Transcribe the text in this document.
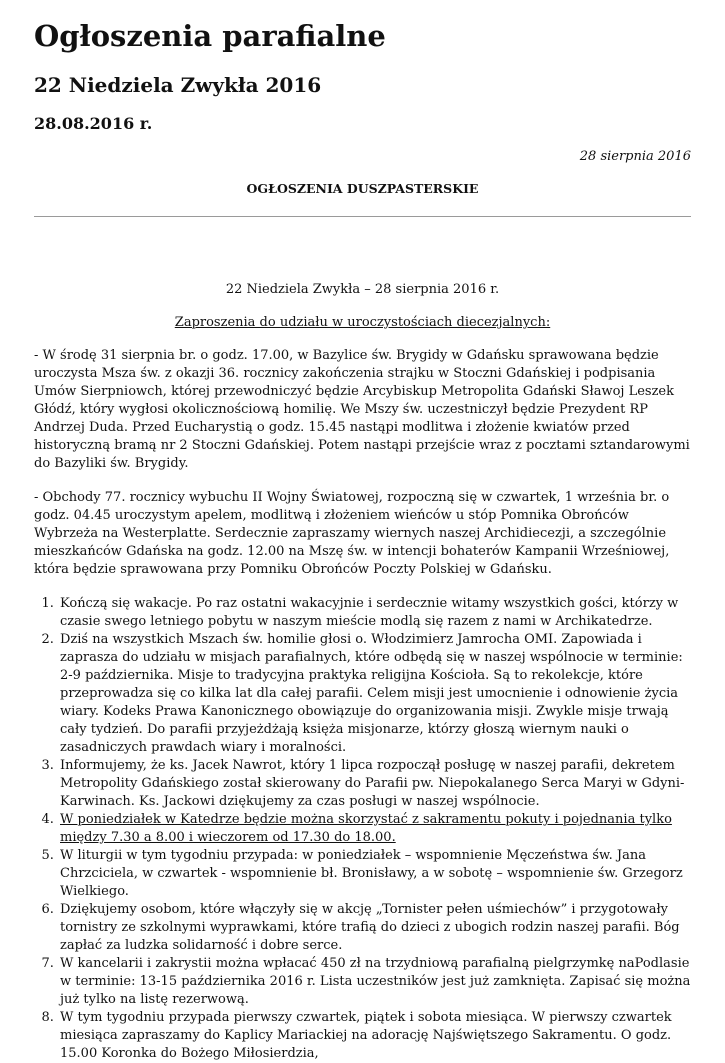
Ogłoszenia parafialne
22 Niedziela Zwykła 2016
28.08.2016 r.
28 sierpnia 2016
OGŁOSZENIA DUSZPASTERSKIE

22 Niedziela Zwykła – 28 sierpnia 2016 r.

Zaproszenia do udziału w uroczystościach diecezjalnych:

- W środę 31 sierpnia br. o godz. 17.00, w Bazylice św. Brygidy w Gdańsku sprawowana będzie uroczysta Msza św. z okazji 36. rocznicy zakończenia strajku w Stoczni Gdańskiej i podpisania Umów Sierpniowch, której przewodniczyć będzie Arcybiskup Metropolita Gdański Sławoj Leszek Głódź, który wygłosi okolicznościową homilię. We Mszy św. uczestniczył będzie Prezydent RP Andrzej Duda. Przed Eucharystią o godz. 15.45 nastąpi modlitwa i złożenie kwiatów przed historyczną bramą nr 2 Stoczni Gdańskiej. Potem nastąpi przejście wraz z pocztami sztandarowymi do Bazyliki św. Brygidy.

- Obchody 77. rocznicy wybuchu II Wojny Światowej, rozpoczną się w czwartek, 1 września br. o godz. 04.45 uroczystym apelem, modlitwą i złożeniem wieńców u stóp Pomnika Obrońców Wybrzeża na Westerplatte. Serdecznie zapraszamy wiernych naszej Archidiecezji, a szczególnie mieszkańców Gdańska na godz. 12.00 na Mszę św. w intencji bohaterów Kampanii Wrześniowej, która będzie sprawowana przy Pomniku Obrońców Poczty Polskiej w Gdańsku.

1. Kończą się wakacje. Po raz ostatni wakacyjnie i serdecznie witamy wszystkich gości, którzy w czasie swego letniego pobytu w naszym mieście modlą się razem z nami w Archikatedrze.
2. Dziś na wszystkich Mszach św. homilie głosi o. Włodzimierz Jamrocha OMI. Zapowiada i zaprasza do udziału w misjach parafialnych, które odbędą się w naszej wspólnocie w terminie: 2-9 października. Misje to tradycyjna praktyka religijna Kościoła. Są to rekolekcje, które przeprowadza się co kilka lat dla całej parafii. Celem misji jest umocnienie i odnowienie życia wiary. Kodeks Prawa Kanonicznego obowiązuje do organizowania misji. Zwykle misje trwają cały tydzień. Do parafii przyjeżdżają księża misjonarze, którzy głoszą wiernym nauki o zasadniczych prawdach wiary i moralności.
3. Informujemy, że ks. Jacek Nawrot, który 1 lipca rozpoczął posługę w naszej parafii, dekretem Metropolity Gdańskiego został skierowany do Parafii pw. Niepokalanego Serca Maryi w Gdyni-Karwinach. Ks. Jackowi dziękujemy za czas posługi w naszej wspólnocie.
4. W poniedziałek w Katedrze będzie można skorzystać z sakramentu pokuty i pojednania tylko między 7.30 a 8.00 i wieczorem od 17.30 do 18.00.
5. W liturgii w tym tygodniu przypada: w poniedziałek – wspomnienie Męczeństwa św. Jana Chrzciciela, w czwartek - wspomnienie bł. Bronisławy, a w sobotę – wspomnienie św. Grzegorz Wielkiego.
6. Dziękujemy osobom, które włączyły się w akcję „Tornister pełen uśmiechów” i przygotowały tornistry ze szkolnymi wyprawkami, które trafią do dzieci z ubogich rodzin naszej parafii. Bóg zapłać za ludzka solidarność i dobre serce.
7. W kancelarii i zakrystii można wpłacać 450 zł na trzydniową parafialną pielgrzymkę naPodlasie w terminie: 13-15 października 2016 r. Lista uczestników jest już zamknięta. Zapisać się można już tylko na listę rezerwową.
8. W tym tygodniu przypada pierwszy czwartek, piątek i sobota miesiąca. W pierwszy czwartek miesiąca zapraszamy do Kaplicy Mariackiej na adorację Najświętszego Sakramentu. O godz. 15.00 Koronka do Bożego Miłosierdzia,
